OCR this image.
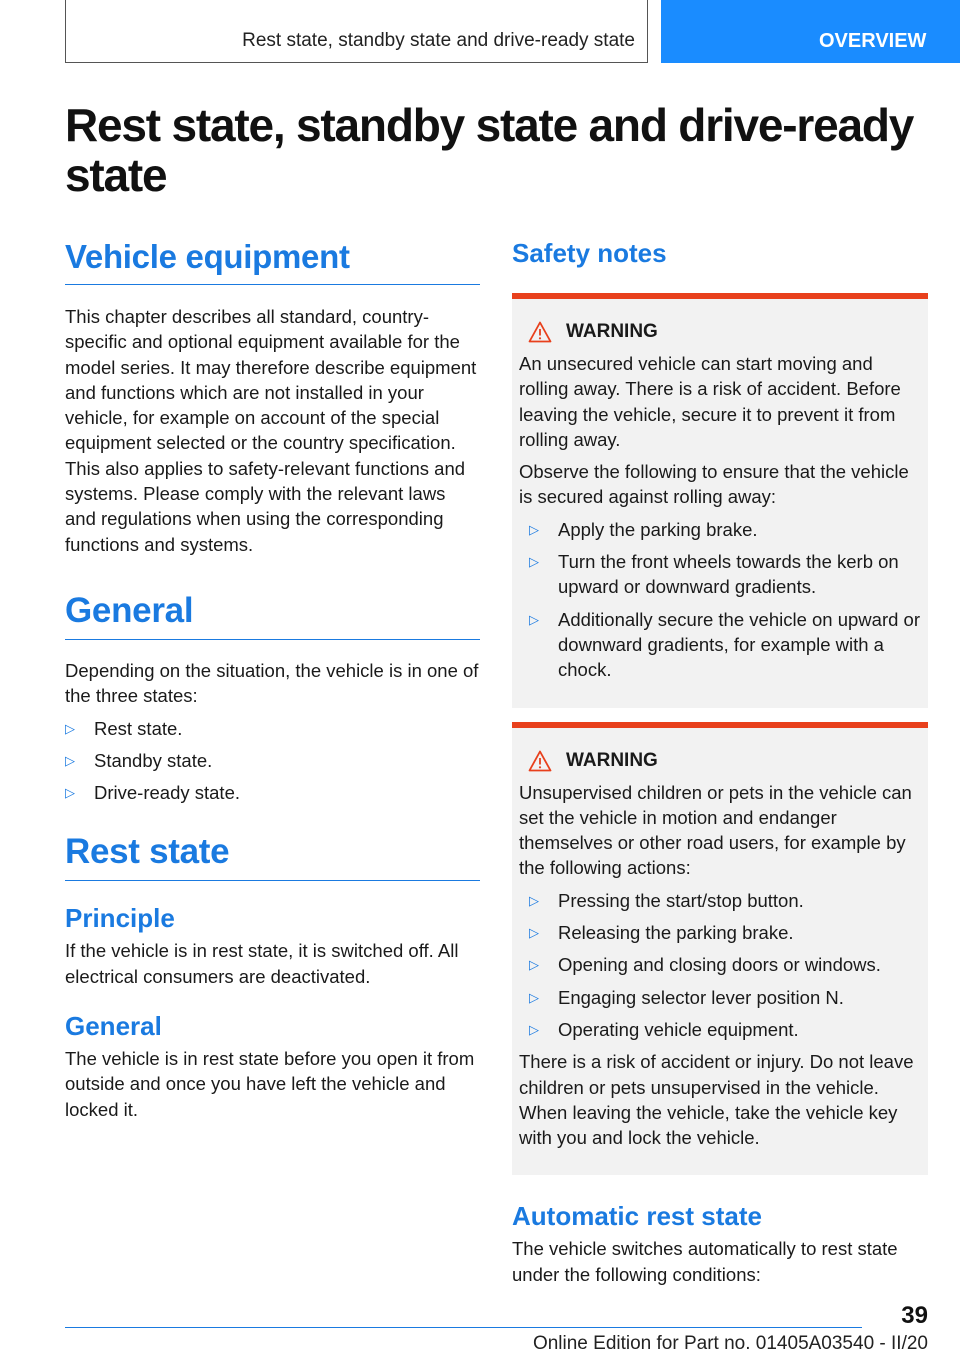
Rest state, standby state and drive-ready state	OVERVIEW
Rest state, standby state and drive-ready state
Vehicle equipment

This chapter describes all standard, country-specific and optional equipment available for the model series. It may therefore describe equipment and functions which are not installed in your vehicle, for example on account of the special equipment selected or the country specification. This also applies to safety-relevant functions and systems. Please comply with the relevant laws and regulations when using the corresponding functions and systems.

General

Depending on the situation, the vehicle is in one of the three states:

▷ Rest state.
▷ Standby state.
▷ Drive-ready state.
Rest state
Principle

If the vehicle is in rest state, it is switched off. All electrical consumers are deactivated.

General

The vehicle is in rest state before you open it from outside and once you have left the vehicle and locked it.

Safety notes
WARNING

An unsecured vehicle can start moving and rolling away. There is a risk of accident. Before leaving the vehicle, secure it to prevent it from rolling away.

Observe the following to ensure that the vehicle is secured against rolling away:

▷ Apply the parking brake.
▷ Turn the front wheels towards the kerb on upward or downward gradients.
▷ Additionally secure the vehicle on upward or downward gradients, for example with a chock.
WARNING

Unsupervised children or pets in the vehicle can set the vehicle in motion and endanger themselves or other road users, for example by the following actions:

▷ Pressing the start/stop button.
▷ Releasing the parking brake.
▷ Opening and closing doors or windows.
▷ Engaging selector lever position N.
▷ Operating vehicle equipment.

There is a risk of accident or injury. Do not leave children or pets unsupervised in the vehicle. When leaving the vehicle, take the vehicle key with you and lock the vehicle.

Automatic rest state

The vehicle switches automatically to rest state under the following conditions:

39
Online Edition for Part no. 01405A03540 - II/20
